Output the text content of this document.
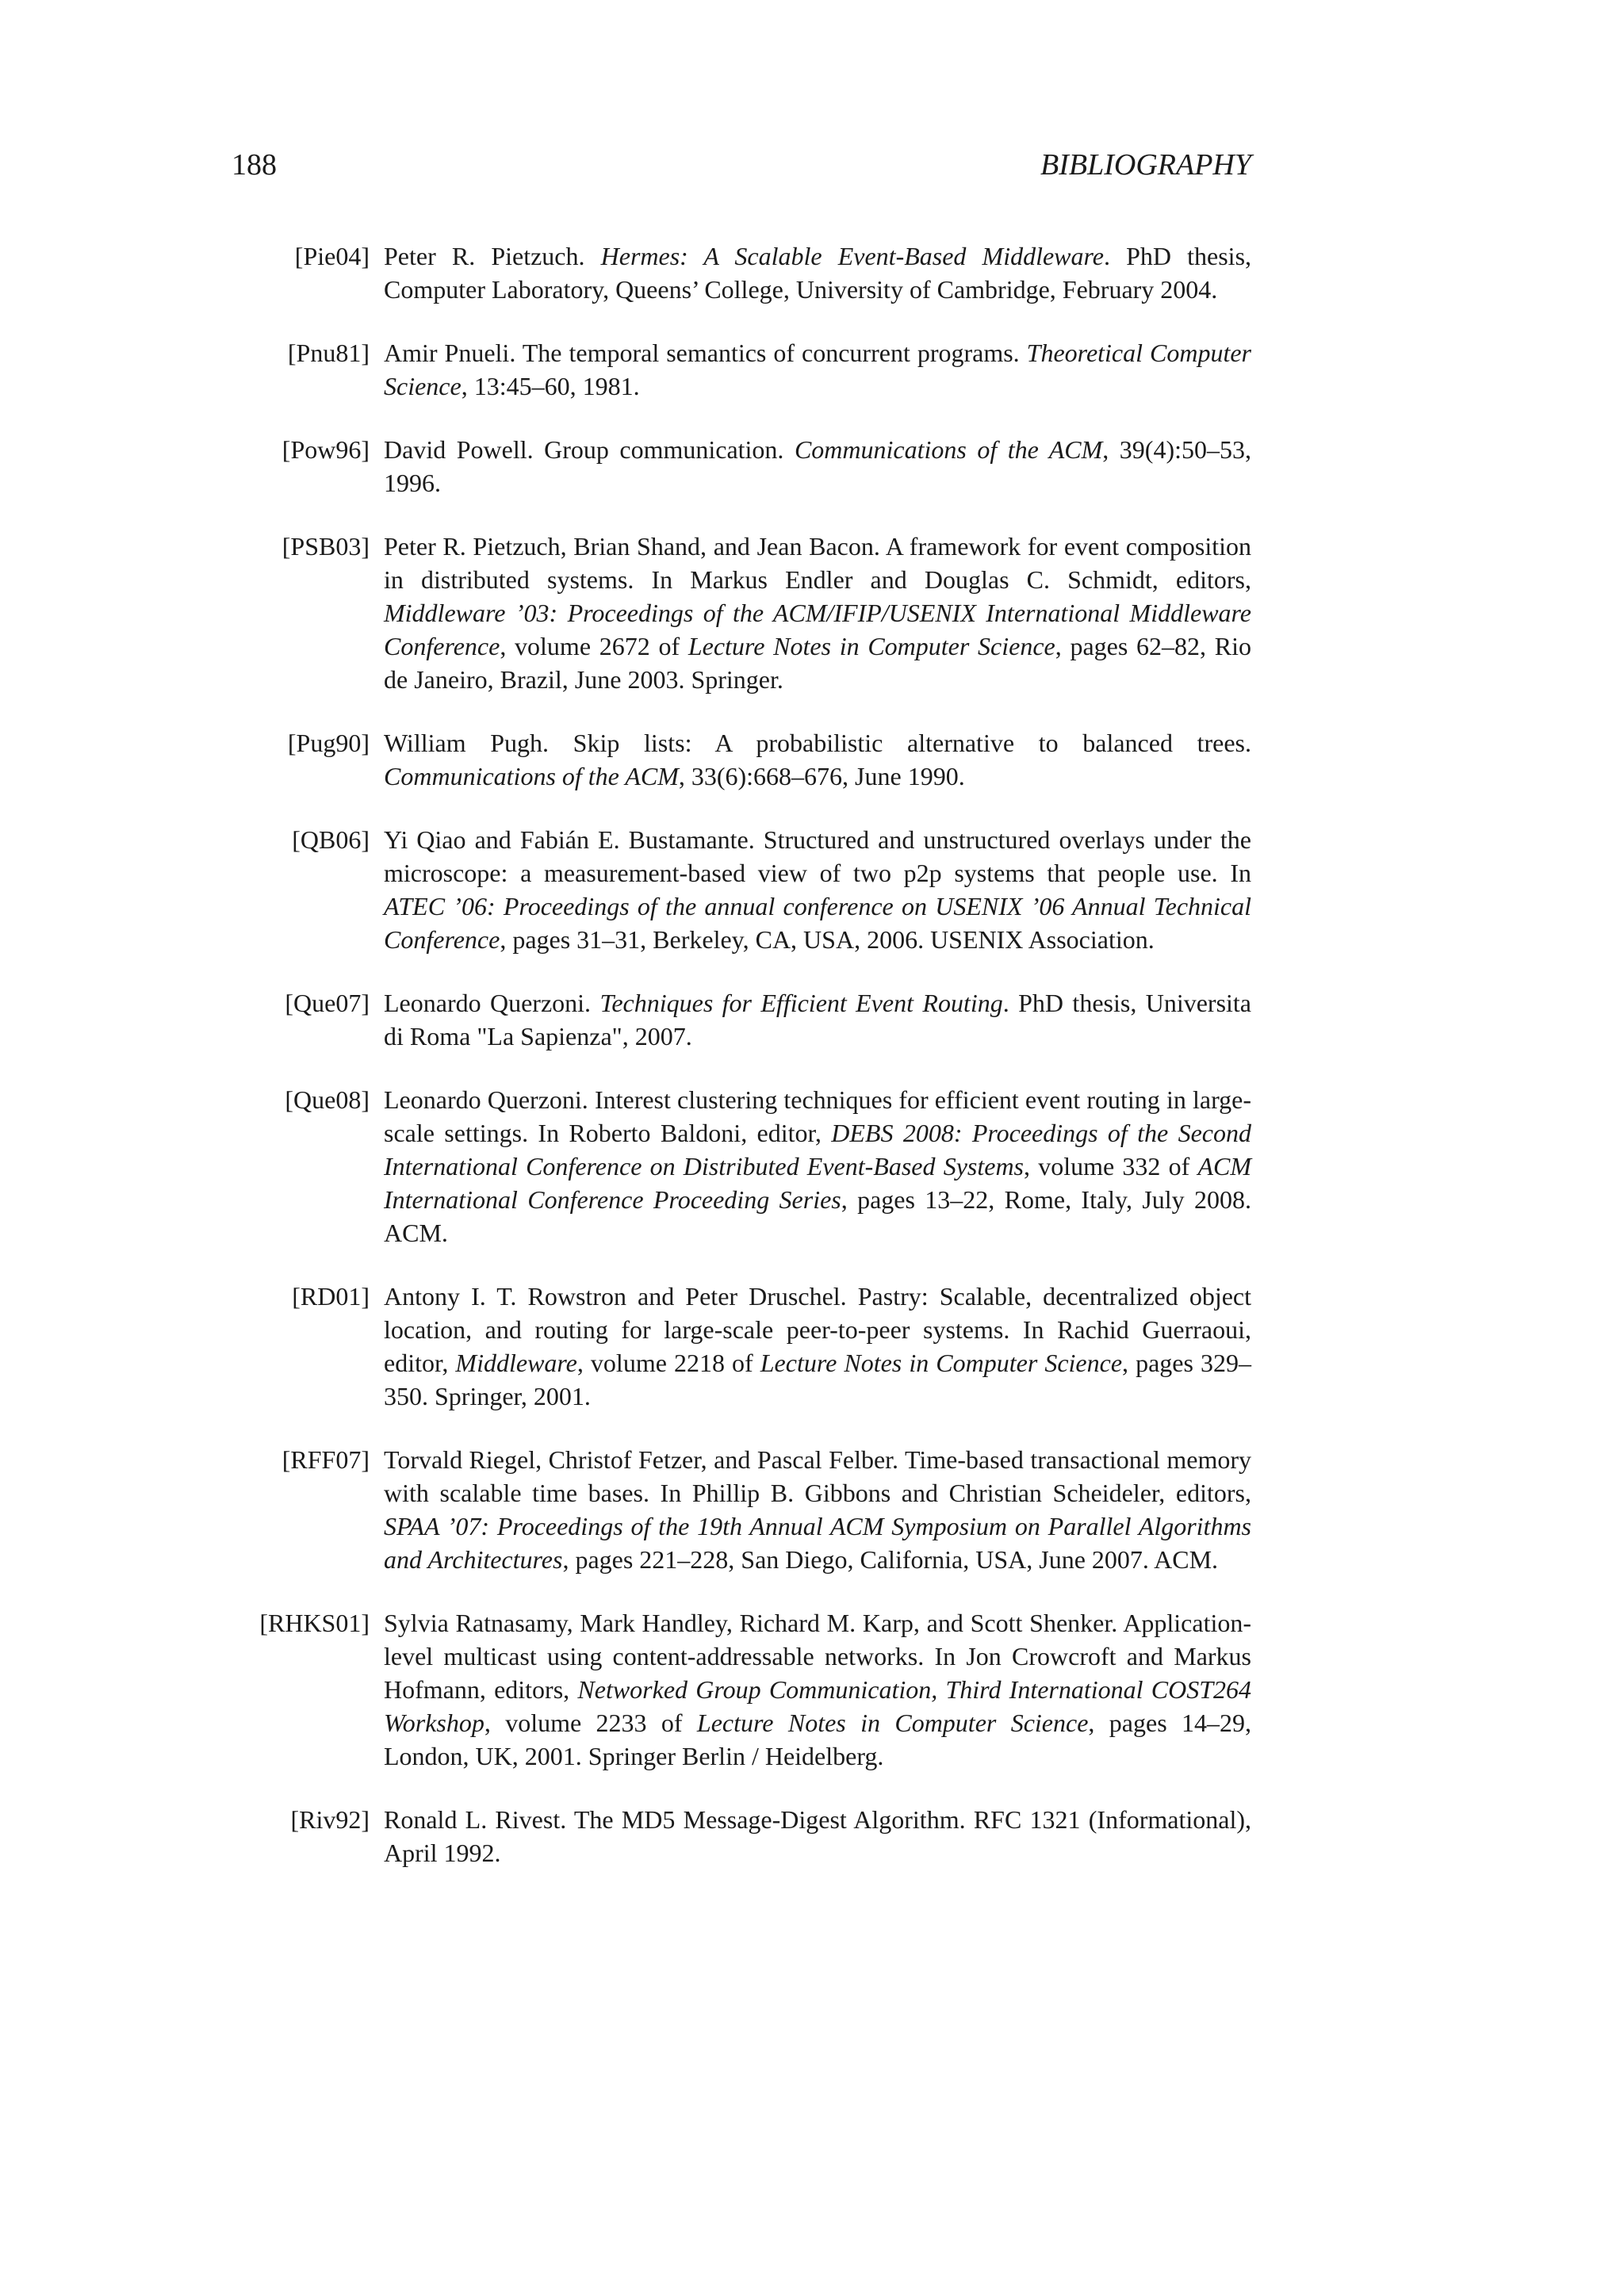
188	BIBLIOGRAPHY
[Pie04] Peter R. Pietzuch. Hermes: A Scalable Event-Based Middleware. PhD thesis, Computer Laboratory, Queens’ College, University of Cambridge, February 2004.
[Pnu81] Amir Pnueli. The temporal semantics of concurrent programs. Theoretical Computer Science, 13:45–60, 1981.
[Pow96] David Powell. Group communication. Communications of the ACM, 39(4):50–53, 1996.
[PSB03] Peter R. Pietzuch, Brian Shand, and Jean Bacon. A framework for event composition in distributed systems. In Markus Endler and Douglas C. Schmidt, editors, Middleware ’03: Proceedings of the ACM/IFIP/USENIX International Middleware Conference, volume 2672 of Lecture Notes in Computer Science, pages 62–82, Rio de Janeiro, Brazil, June 2003. Springer.
[Pug90] William Pugh. Skip lists: A probabilistic alternative to balanced trees. Communications of the ACM, 33(6):668–676, June 1990.
[QB06] Yi Qiao and Fabián E. Bustamante. Structured and unstructured overlays under the microscope: a measurement-based view of two p2p systems that people use. In ATEC ’06: Proceedings of the annual conference on USENIX ’06 Annual Technical Conference, pages 31–31, Berkeley, CA, USA, 2006. USENIX Association.
[Que07] Leonardo Querzoni. Techniques for Efficient Event Routing. PhD thesis, Universita di Roma "La Sapienza", 2007.
[Que08] Leonardo Querzoni. Interest clustering techniques for efficient event routing in large-scale settings. In Roberto Baldoni, editor, DEBS 2008: Proceedings of the Second International Conference on Distributed Event-Based Systems, volume 332 of ACM International Conference Proceeding Series, pages 13–22, Rome, Italy, July 2008. ACM.
[RD01] Antony I. T. Rowstron and Peter Druschel. Pastry: Scalable, decentralized object location, and routing for large-scale peer-to-peer systems. In Rachid Guerraoui, editor, Middleware, volume 2218 of Lecture Notes in Computer Science, pages 329–350. Springer, 2001.
[RFF07] Torvald Riegel, Christof Fetzer, and Pascal Felber. Time-based transactional memory with scalable time bases. In Phillip B. Gibbons and Christian Scheideler, editors, SPAA ’07: Proceedings of the 19th Annual ACM Symposium on Parallel Algorithms and Architectures, pages 221–228, San Diego, California, USA, June 2007. ACM.
[RHKS01] Sylvia Ratnasamy, Mark Handley, Richard M. Karp, and Scott Shenker. Application-level multicast using content-addressable networks. In Jon Crowcroft and Markus Hofmann, editors, Networked Group Communication, Third International COST264 Workshop, volume 2233 of Lecture Notes in Computer Science, pages 14–29, London, UK, 2001. Springer Berlin / Heidelberg.
[Riv92] Ronald L. Rivest. The MD5 Message-Digest Algorithm. RFC 1321 (Informational), April 1992.
